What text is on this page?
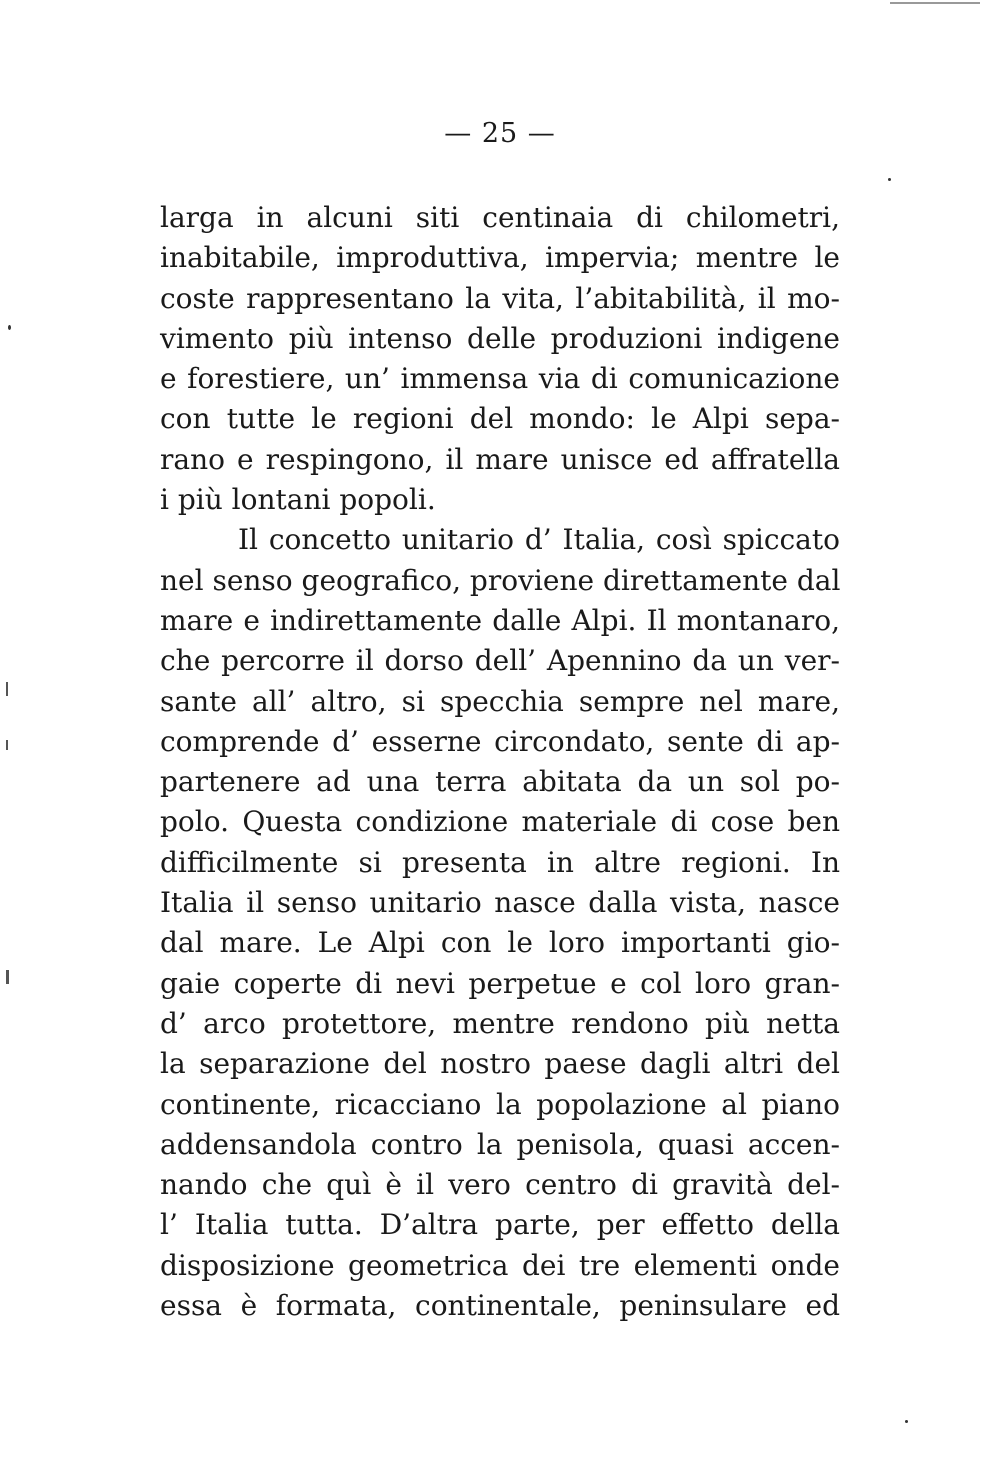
— 25 —
larga in alcuni siti centinaia di chilometri,
inabitabile, improduttiva, impervia; mentre le
coste rappresentano la vita, l’abitabilità, il mo-
vimento più intenso delle produzioni indigene
e forestiere, un’ immensa via di comunicazione
con tutte le regioni del mondo: le Alpi sepa-
rano e respingono, il mare unisce ed affratella
i più lontani popoli.
Il concetto unitario d’ Italia, così spiccato
nel senso geografico, proviene direttamente dal
mare e indirettamente dalle Alpi. Il montanaro,
che percorre il dorso dell’ Apennino da un ver-
sante all’ altro, si specchia sempre nel mare,
comprende d’ esserne circondato, sente di ap-
partenere ad una terra abitata da un sol po-
polo. Questa condizione materiale di cose ben
difficilmente si presenta in altre regioni. In
Italia il senso unitario nasce dalla vista, nasce
dal mare. Le Alpi con le loro importanti gio-
gaie coperte di nevi perpetue e col loro gran-
d’ arco protettore, mentre rendono più netta
la separazione del nostro paese dagli altri del
continente, ricacciano la popolazione al piano
addensandola contro la penisola, quasi accen-
nando che quì è il vero centro di gravità del-
l’ Italia tutta. D’altra parte, per effetto della
disposizione geometrica dei tre elementi onde
essa è formata, continentale, peninsulare ed
